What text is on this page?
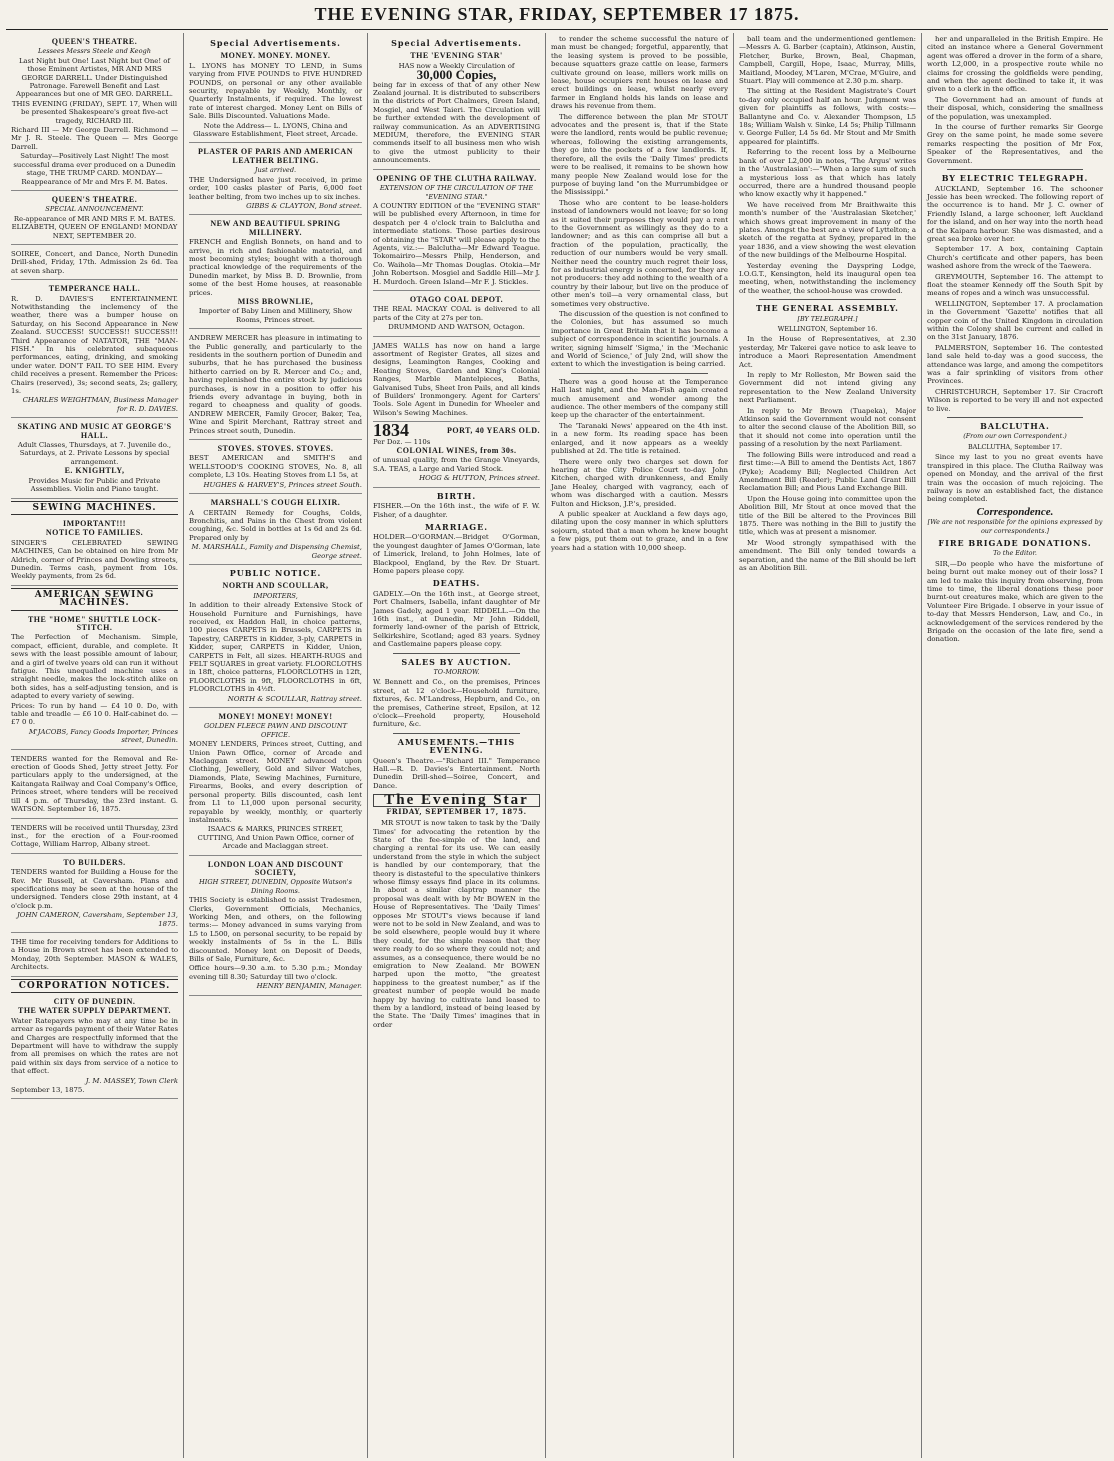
THE EVENING STAR, FRIDAY, SEPTEMBER 17 1875.
QUEEN'S THEATRE.
Lessees Messrs Steele and Keogh

Last Night but One! Last Night but One! of those Eminent Artistes, MR AND MRS GEORGE DARRELL. Under Distinguished Patronage. Farewell Benefit and Last Appearances but one of MR GEO. DARRELL.

THIS EVENING (FRIDAY), SEPT. 17, When will be presented Shakespeare's great five-act tragedy, RICHARD III.

Richard III — Mr George Darrell. Richmond — Mr J. R. Steele. The Queen — Mrs George Darrell.

Saturday—Positively Last Night! The most successful drama ever produced on a Dunedin stage, THE TRUMP CARD. MONDAY—Reappearance of Mr and Mrs F. M. Bates.

QUEEN'S THEATRE.
SPECIAL ANNOUNCEMENT.

Re-appearance of MR AND MRS F. M. BATES. ELIZABETH, QUEEN OF ENGLAND! MONDAY NEXT, SEPTEMBER 20.

SOIREE, Concert, and Dance, North Dunedin Drill-shed, Friday, 17th. Admission 2s 6d. Tea at seven sharp.

TEMPERANCE HALL.

R. D. DAVIES'S ENTERTAINMENT. Notwithstanding the inclemency of the weather, there was a bumper house on Saturday, on his Second Appearance in New Zealand. SUCCESS! SUCCESS!! SUCCESS!!! Third Appearance of NATATOR, THE "MAN-FISH." In his celebrated subaqueous performances, eating, drinking, and smoking under water. DON'T FAIL TO SEE HIM. Every child receives a present. Remember the Prices: Chairs (reserved), 3s; second seats, 2s; gallery, 1s.

CHARLES WEIGHTMAN, Business Manager for R. D. DAVIES.

SKATING AND MUSIC AT GEORGE'S HALL.

Adult Classes, Thursdays, at 7. Juvenile do., Saturdays, at 2. Private Lessons by special arrangement.

E. KNIGHTLY,

Provides Music for Public and Private Assemblies. Violin and Piano taught.

SEWING MACHINES.
IMPORTANT!!!
NOTICE TO FAMILIES.

SINGER'S CELEBRATED SEWING MACHINES, Can be obtained on hire from Mr Aldrich, corner of Princes and Dowling streets, Dunedin. Terms cash, payment from 10s. Weekly payments, from 2s 6d.

AMERICAN SEWING MACHINES.
THE "HOME" SHUTTLE LOCK-STITCH.

The Perfection of Mechanism. Simple, compact, efficient, durable, and complete. It sews with the least possible amount of labour, and a girl of twelve years old can run it without fatigue. This unequalled machine uses a straight needle, makes the lock-stitch alike on both sides, has a self-adjusting tension, and is adapted to every variety of sewing.

Prices: To run by hand — £4 10 0. Do, with table and treadle — £6 10 0. Half-cabinet do. — £7 0 0.

M'JACOBS, Fancy Goods Importer, Princes street, Dunedin.

TENDERS wanted for the Removal and Re-erection of Goods Shed, Jetty street Jetty. For particulars apply to the undersigned, at the Kaitangata Railway and Coal Company's Office, Princes street, where tenders will be received till 4 p.m. of Thursday, the 23rd instant. G. WATSON. September 16, 1875.

TENDERS will be received until Thursday, 23rd inst., for the erection of a Four-roomed Cottage, William Harrop, Albany street.

TO BUILDERS.

TENDERS wanted for Building a House for the Rev. Mr Russell, at Caversham. Plans and specifications may be seen at the house of the undersigned. Tenders close 29th instant, at 4 o'clock p.m.

JOHN CAMERON, Caversham, September 13, 1875.

THE time for receiving tenders for Additions to a House in Brown street has been extended to Monday, 20th September. MASON & WALES, Architects.

CORPORATION NOTICES.
CITY OF DUNEDIN.
THE WATER SUPPLY DEPARTMENT.

Water Ratepayers who may at any time be in arrear as regards payment of their Water Rates and Charges are respectfully informed that the Department will have to withdraw the supply from all premises on which the rates are not paid within six days from service of a notice to that effect.

J. M. MASSEY, Town Clerk

September 13, 1875.

Special Advertisements.
MONEY. MONEY. MONEY.

L. LYONS has MONEY TO LEND, in Sums varying from FIVE POUNDS to FIVE HUNDRED POUNDS, on personal or any other available security, repayable by Weekly, Monthly, or Quarterly Instalments, if required. The lowest rate of interest charged. Money Lent on Bills of Sale. Bills Discounted. Valuations Made.

Note the Address— L. LYONS, China and Glassware Establishment, Fleet street, Arcade.

PLASTER OF PARIS AND AMERICAN LEATHER BELTING.
Just arrived.

THE Undersigned have just received, in prime order, 100 casks plaster of Paris, 6,000 feet leather belting, from two inches up to six inches.

GIBBS & CLAYTON, Bond street.

NEW AND BEAUTIFUL SPRING MILLINERY.

FRENCH and English Bonnets, on hand and to arrive, in rich and fashionable material, and most becoming styles; bought with a thorough practical knowledge of the requirements of the Dunedin market, by Miss B. D. Brownlie, from some of the best Home houses, at reasonable prices.

MISS BROWNLIE,

Importer of Baby Linen and Millinery, Show Rooms, Princes street.

ANDREW MERCER has pleasure in intimating to the Public generally, and particularly to the residents in the southern portion of Dunedin and suburbs, that he has purchased the business hitherto carried on by R. Mercer and Co.; and, having replenished the entire stock by judicious purchases, is now in a position to offer his friends every advantage in buying, both in regard to cheapness and quality of goods. ANDREW MERCER, Family Grocer, Baker, Tea, Wine and Spirit Merchant, Rattray street and Princes street south, Dunedin.

STOVES. STOVES. STOVES.

BEST AMERICAN and SMITH'S and WELLSTOOD'S COOKING STOVES, No. 8, all complete, L3 10s. Heating Stoves from L1 5s, at

HUGHES & HARVEY'S, Princes street South.

MARSHALL'S COUGH ELIXIR.

A CERTAIN Remedy for Coughs, Colds, Bronchitis, and Pains in the Chest from violent coughing, &c. Sold in bottles at 1s 6d and 2s 6d. Prepared only by

M. MARSHALL, Family and Dispensing Chemist, George street.

PUBLIC NOTICE.
NORTH AND SCOULLAR,
IMPORTERS,

In addition to their already Extensive Stock of Household Furniture and Furnishings, have received, ex Haddon Hall, in choice patterns, 100 pieces CARPETS in Brussels, CARPETS in Tapestry, CARPETS in Kidder, 3-ply, CARPETS in Kidder, super, CARPETS in Kidder, Union, CARPETS in Felt, all sizes. HEARTH-RUGS and FELT SQUARES in great variety. FLOORCLOTHS in 18ft, choice patterns, FLOORCLOTHS in 12ft, FLOORCLOTHS in 9ft, FLOORCLOTHS in 6ft, FLOORCLOTHS in 4½ft.

NORTH & SCOULLAR, Rattray street.

MONEY! MONEY! MONEY!
GOLDEN FLEECE PAWN AND DISCOUNT OFFICE.

MONEY LENDERS, Princes street, Cutting, and Union Pawn Office, corner of Arcade and Maclaggan street. MONEY advanced upon Clothing, Jewellery, Gold and Silver Watches, Diamonds, Plate, Sewing Machines, Furniture, Firearms, Books, and every description of personal property. Bills discounted, cash lent from L1 to L1,000 upon personal security, repayable by weekly, monthly, or quarterly instalments.

ISAACS & MARKS, PRINCES STREET, CUTTING, And Union Pawn Office, corner of Arcade and Maclaggan street.

LONDON LOAN AND DISCOUNT SOCIETY,
HIGH STREET, DUNEDIN, Opposite Watson's Dining Rooms.

THIS Society is established to assist Tradesmen, Clerks, Government Officials, Mechanics, Working Men, and others, on the following terms:— Money advanced in sums varying from L5 to L500, on personal security, to be repaid by weekly instalments of 5s in the L. Bills discounted. Money lent on Deposit of Deeds, Bills of Sale, Furniture, &c.

Office hours—9.30 a.m. to 5.30 p.m.; Monday evening till 8.30; Saturday till two o'clock.

HENRY BENJAMIN, Manager.

Special Advertisements.
THE 'EVENING STAR'

HAS now a Weekly Circulation of

30,000 Copies,

being far in excess of that of any other New Zealand journal. It is distributed to subscribers in the districts of Port Chalmers, Green Island, Mosgiel, and West Taieri. The Circulation will be further extended with the development of railway communication. As an ADVERTISING MEDIUM, therefore, the EVENING STAR commends itself to all business men who wish to give the utmost publicity to their announcements.

OPENING OF THE CLUTHA RAILWAY.
EXTENSION OF THE CIRCULATION OF THE "EVENING STAR."

A COUNTRY EDITION of the "EVENING STAR" will be published every Afternoon, in time for despatch per 4 o'clock train to Balclutha and intermediate stations. Those parties desirous of obtaining the "STAR" will please apply to the Agents, viz.:— Balclutha—Mr Edward Teague. Tokomairiro—Messrs Philp, Henderson, and Co. Waihola—Mr Thomas Douglas. Otokia—Mr John Robertson. Mosgiel and Saddle Hill—Mr J. H. Murdoch. Green Island—Mr F. J. Stickles.

OTAGO COAL DEPOT.

THE REAL MACKAY COAL is delivered to all parts of the City at 27s per ton.

DRUMMOND AND WATSON, Octagon.

JAMES WALLS has now on hand a large assortment of Register Grates, all sizes and designs, Leamington Ranges, Cooking and Heating Stoves, Garden and King's Colonial Ranges, Marble Mantelpieces, Baths, Galvanised Tubs, Sheet Iron Pails, and all kinds of Builders' Ironmongery. Agent for Carters' Tools. Sole Agent in Dunedin for Wheeler and Wilson's Sewing Machines.

1834	PORT, 40 YEARS OLD.

Per Doz. — 110s

COLONIAL WINES, from 30s.

of unusual quality, from the Grange Vineyards, S.A. TEAS, a Large and Varied Stock.

HOGG & HUTTON, Princes street.

BIRTH.

FISHER.—On the 16th inst., the wife of F. W. Fisher, of a daughter.

MARRIAGE.

HOLDER—O'GORMAN.—Bridget O'Gorman, the youngest daughter of James O'Gorman, late of Limerick, Ireland, to John Holmes, late of Blackpool, England, by the Rev. Dr Stuart. Home papers please copy.

DEATHS.

GADELY.—On the 16th inst., at George street, Port Chalmers, Isabella, infant daughter of Mr James Gadely, aged 1 year. RIDDELL.—On the 16th inst., at Dunedin, Mr John Riddell, formerly land-owner of the parish of Ettrick, Selkirkshire, Scotland; aged 83 years. Sydney and Castlemaine papers please copy.

SALES BY AUCTION.
TO-MORROW.

W. Bennett and Co., on the premises, Princes street, at 12 o'clock—Household furniture, fixtures, &c. M'Landress, Hepburn, and Co., on the premises, Catherine street, Epsilon, at 12 o'clock—Freehold property, Household furniture, &c.

AMUSEMENTS.—THIS EVENING.

Queen's Theatre.—"Richard III." Temperance Hall.—R. D. Davies's Entertainment. North Dunedin Drill-shed—Soiree, Concert, and Dance.

The Evening Star
FRIDAY, SEPTEMBER 17, 1875.

MR STOUT is now taken to task by the 'Daily Times' for advocating the retention by the State of the fee-simple of the land, and charging a rental for its use. We can easily understand from the style in which the subject is handled by our contemporary, that the theory is distasteful to the speculative thinkers whose flimsy essays find place in its columns. In about a similar claptrap manner the proposal was dealt with by Mr BOWEN in the House of Representatives. The 'Daily Times' opposes Mr STOUT's views because if land were not to be sold in New Zealand, and was to be sold elsewhere, people would buy it where they could, for the simple reason that they were ready to do so where they could not; and assumes, as a consequence, there would be no emigration to New Zealand. Mr BOWEN harped upon the motto, "the greatest happiness to the greatest number," as if the greatest number of people would be made happy by having to cultivate land leased to them by a landlord, instead of being leased by the State. The 'Daily Times' imagines that in order

to render the scheme successful the nature of man must be changed; forgetful, apparently, that the leasing system is proved to be possible, because squatters graze cattle on lease, farmers cultivate ground on lease, millers work mills on lease, house occupiers rent houses on lease and erect buildings on lease, whilst nearly every farmer in England holds his lands on lease and draws his revenue from them.

The difference between the plan Mr STOUT advocates and the present is, that if the State were the landlord, rents would be public revenue; whereas, following the existing arrangements, they go into the pockets of a few landlords. If, therefore, all the evils the 'Daily Times' predicts were to be realised, it remains to be shown how many people New Zealand would lose for the purpose of buying land "on the Murrumbidgee or the Mississippi."

Those who are content to be lease-holders instead of landowners would not leave; for so long as it suited their purposes they would pay a rent to the Government as willingly as they do to a landowner; and as this can comprise all but a fraction of the population, practically, the reduction of our numbers would be very small. Neither need the country much regret their loss, for as industrial energy is concerned, for they are not producers: they add nothing to the wealth of a country by their labour, but live on the produce of other men's toil—a very ornamental class, but sometimes very obstructive.

The discussion of the question is not confined to the Colonies, but has assumed so much importance in Great Britain that it has become a subject of correspondence in scientific journals. A writer, signing himself 'Sigma,' in the 'Mechanic and World of Science,' of July 2nd, will show the extent to which the investigation is being carried.

There was a good house at the Temperance Hall last night, and the Man-Fish again created much amusement and wonder among the audience. The other members of the company still keep up the character of the entertainment.

The 'Taranaki News' appeared on the 4th inst. in a new form. Its reading space has been enlarged, and it now appears as a weekly published at 2d. The title is retained.

There were only two charges set down for hearing at the City Police Court to-day. John Kitchen, charged with drunkenness, and Emily Jane Healey, charged with vagrancy, each of whom was discharged with a caution. Messrs Fulton and Hickson, J.P.'s, presided.

A public speaker at Auckland a few days ago, dilating upon the cosy manner in which splutters sojourn, stated that a man whom he knew bought a few pigs, put them out to graze, and in a few years had a station with 10,000 sheep.

ball team and the undermentioned gentlemen:—Messrs A. G. Barber (captain), Atkinson, Austin, Fletcher, Burke, Brown, Beal, Chapman, Campbell, Cargill, Hope, Isaac, Murray, Mills, Maitland, Moodey, M'Laren, M'Crae, M'Guire, and Stuart. Play will commence at 2.30 p.m. sharp.

The sitting at the Resident Magistrate's Court to-day only occupied half an hour. Judgment was given for plaintiffs as follows, with costs:—Ballantyne and Co. v. Alexander Thompson, L5 18s; William Walsh v. Sinke, L4 5s; Philip Tillmann v. George Fuller, L4 5s 6d. Mr Stout and Mr Smith appeared for plaintiffs.

Referring to the recent loss by a Melbourne bank of over L2,000 in notes, 'The Argus' writes in the 'Australasian':—"When a large sum of such a mysterious loss as that which has lately occurred, there are a hundred thousand people who know exactly why it happened."

We have received from Mr Braithwaite this month's number of the 'Australasian Sketcher,' which shows great improvement in many of the plates. Amongst the best are a view of Lyttelton; a sketch of the regatta at Sydney, prepared in the year 1836, and a view showing the west elevation of the new buildings of the Melbourne Hospital.

Yesterday evening the Dayspring Lodge, I.O.G.T., Kensington, held its inaugural open tea meeting, when, notwithstanding the inclemency of the weather, the school-house was crowded.

THE GENERAL ASSEMBLY.
[BY TELEGRAPH.]
WELLINGTON, September 16.

In the House of Representatives, at 2.30 yesterday, Mr Takerei gave notice to ask leave to introduce a Maori Representation Amendment Act.

In reply to Mr Rolleston, Mr Bowen said the Government did not intend giving any representation to the New Zealand University next Parliament.

In reply to Mr Brown (Tuapeka), Major Atkinson said the Government would not consent to alter the second clause of the Abolition Bill, so that it should not come into operation until the passing of a resolution by the next Parliament.

The following Bills were introduced and read a first time:—A Bill to amend the Dentists Act, 1867 (Pyke); Academy Bill; Neglected Children Act Amendment Bill (Reader); Public Land Grant Bill Reclamation Bill; and Pious Land Exchange Bill.

Upon the House going into committee upon the Abolition Bill, Mr Stout at once moved that the title of the Bill be altered to the Provinces Bill 1875. There was nothing in the Bill to justify the title, which was at present a misnomer.

Mr Wood strongly sympathised with the amendment. The Bill only tended towards a separation, and the name of the Bill should be left as an Abolition Bill.

her and unparalleled in the British Empire. He cited an instance where a General Government agent was offered a drover in the form of a share, worth L2,000, in a prospective route while no claims for crossing the goldfields were pending, and when the agent declined to take it, it was given to a clerk in the office.

The Government had an amount of funds at their disposal, which, considering the smallness of the population, was unexampled.

In the course of further remarks Sir George Grey on the same point, he made some severe remarks respecting the position of Mr Fox, Speaker of the Representatives, and the Government.

BY ELECTRIC TELEGRAPH.

AUCKLAND, September 16. The schooner Jessie has been wrecked. The following report of the occurrence is to hand. Mr J. C. owner of Friendly Island, a large schooner, left Auckland for the island, and on her way into the north head of the Kaipara harbour. She was dismasted, and a great sea broke over her.

September 17. A box, containing Captain Church's certificate and other papers, has been washed ashore from the wreck of the Taewera.

GREYMOUTH, September 16. The attempt to float the steamer Kennedy off the South Spit by means of ropes and a winch was unsuccessful.

WELLINGTON, September 17. A proclamation in the Government 'Gazette' notifies that all copper coin of the United Kingdom in circulation within the Colony shall be current and called in on the 31st January, 1876.

PALMERSTON, September 16. The contested land sale held to-day was a good success, the attendance was large, and among the competitors was a fair sprinkling of visitors from other Provinces.

CHRISTCHURCH, September 17. Sir Cracroft Wilson is reported to be very ill and not expected to live.

BALCLUTHA.
(From our own Correspondent.)
BALCLUTHA, September 17.

Since my last to you no great events have transpired in this place. The Clutha Railway was opened on Monday, and the arrival of the first train was the occasion of much rejoicing. The railway is now an established fact, the distance being completed.

Correspondence.
[We are not responsible for the opinions expressed by our correspondents.]
FIRE BRIGADE DONATIONS.
To the Editor.

SIR,—Do people who have the misfortune of being burnt out make money out of their loss? I am led to make this inquiry from observing, from time to time, the liberal donations these poor burnt-out creatures make, which are given to the Volunteer Fire Brigade. I observe in your issue of to-day that Messrs Henderson, Law, and Co., in acknowledgement of the services rendered by the Brigade on the occasion of the late fire, send a donation.
